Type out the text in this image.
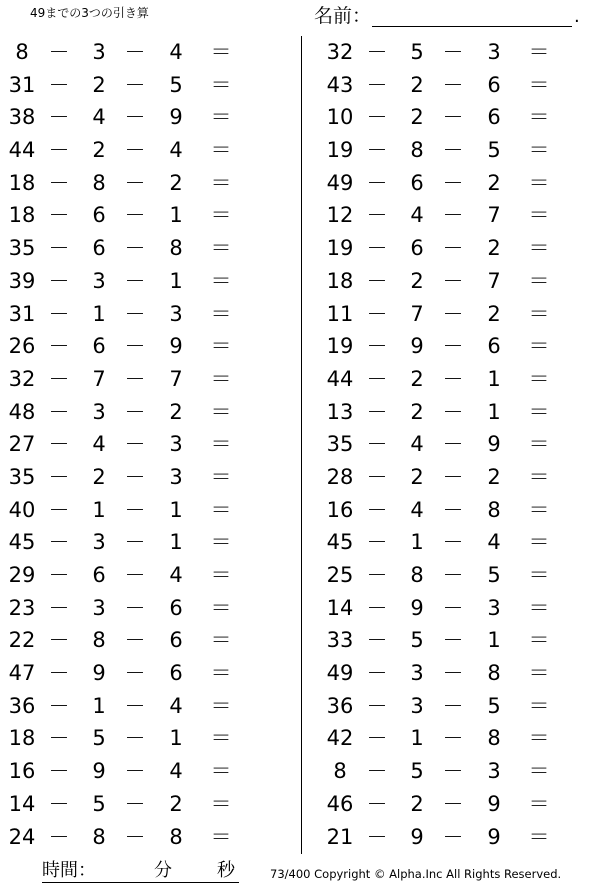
49までの3つの引き算	名前：	.
8 －	3 －	4	＝
31 －	2 －	5	＝
38 －	4 －	9	＝
44 －	2 －	4	＝
18 －	8 －	2	＝
18 －	6 －	1	＝
35 －	6 －	8	＝
39 －	3 －	1	＝
31 －	1 －	3	＝
26 －	6 －	9	＝
32 －	7 －	7	＝
48 －	3 －	2	＝
27 －	4 －	3	＝
35 －	2 －	3	＝
40 －	1 －	1	＝
45 －	3 －	1	＝
29 －	6 －	4	＝
23 －	3 －	6	＝
22 －	8 －	6	＝
47 －	9 －	6	＝
36 －	1 －	4	＝
18 －	5 －	1	＝
16 －	9 －	4	＝
14 －	5 －	2	＝
24 －	8 －	8	＝
32 －	5 －	3	＝
43 －	2 －	6	＝
10 －	2 －	6	＝
19 －	8 －	5	＝
49 －	6 －	2	＝
12 －	4 －	7	＝
19 －	6 －	2	＝
18 －	2 －	7	＝
11 －	7 －	2	＝
19 －	9 －	6	＝
44 －	2 －	1	＝
13 －	2 －	1	＝
35 －	4 －	9	＝
28 －	2 －	2	＝
16 －	4 －	8	＝
45 －	1 －	4	＝
25 －	8 －	5	＝
14 －	9 －	3	＝
33 －	5 －	1	＝
49 －	3 －	8	＝
36 －	3 －	5	＝
42 －	1 －	8	＝
8 －	5 －	3	＝
46 －	2 －	9	＝
21 －	9 －	9	＝
時間：	分	秒	73/400 Copyright © Alpha.Inc All Rights Reserved.
